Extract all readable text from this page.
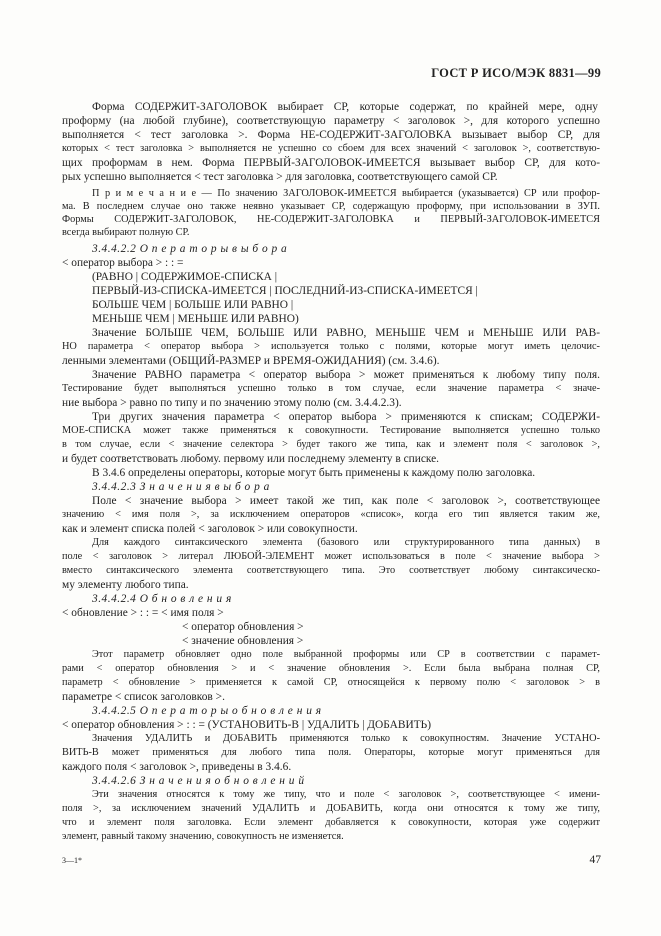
ГОСТ Р ИСО/МЭК 8831—99
Форма СОДЕРЖИТ-ЗАГОЛОВОК выбирает СР, которые содержат, по крайней мере, одну
профоpму (на любой глубине), соответствующую параметру < заголовок >, для которого успешно
выполняется < тест заголовка >. Форма НЕ-СОДЕРЖИТ-ЗАГОЛОВКА вызывает выбор СР, для
которых < тест заголовка > выполняется не успешно со сбоем для всех значений < заголовок >, соответствую-
щих проформам в нем. Форма ПЕРВЫЙ-ЗАГОЛОВОК-ИМЕЕТСЯ вызывает выбор СР, для кото-
рых успешно выполняется < тест заголовка > для заголовка, соответствующего самой СР.
П р и м е ч а н и е — По значению ЗАГОЛОВОК-ИМЕЕТСЯ выбирается (указывается) СР или профор-
ма. В последнем случае оно также неявно указывает СР, содержащую проформу, при использовании в ЗУП.
Формы СОДЕРЖИТ-ЗАГОЛОВОК, НЕ-СОДЕРЖИТ-ЗАГОЛОВКА и ПЕРВЫЙ-ЗАГОЛОВОК-ИМЕЕТСЯ
всегда выбирают полную СР.
3.4.4.2.2 О п е р а т о р ы в ы б о р а
< оператор выбора > : : =
(РАВНО | СОДЕРЖИМОЕ-СПИСКА |
ПЕРВЫЙ-ИЗ-СПИСКА-ИМЕЕТСЯ | ПОСЛЕДНИЙ-ИЗ-СПИСКА-ИМЕЕТСЯ |
БОЛЬШЕ ЧЕМ | БОЛЬШЕ ИЛИ РАВНО |
МЕНЬШЕ ЧЕМ | МЕНЬШЕ ИЛИ РАВНО)
Значение БОЛЬШЕ ЧЕМ, БОЛЬШЕ ИЛИ РАВНО, МЕНЬШЕ ЧЕМ и МЕНЬШЕ ИЛИ РАВ-
НО параметра < оператор выбора > используется только с полями, которые могут иметь целочис-
ленными элементами (ОБЩИЙ-РАЗМЕР и ВРЕМЯ-ОЖИДАНИЯ) (см. 3.4.6).
Значение РАВНО параметра < оператор выбора > может применяться к любому типу поля.
Тестирование будет выполняться успешно только в том случае, если значение параметра < значе-
ние выбора > равно по типу и по значению этому полю (см. 3.4.4.2.3).
Три других значения параметра < оператор выбора > применяются к спискам; СОДЕРЖИ-
МОЕ-СПИСКА может также применяться к совокупности. Тестирование выполняется успешно только
в том случае, если < значение селектора > будет такого же типа, как и элемент поля < заголовок >,
и будет соответствовать любому. первому или последнему элементу в списке.
В 3.4.6 определены операторы, которые могут быть применены к каждому полю заголовка.
3.4.4.2.3 З н а ч е н и я в ы б о р а
Поле < значение выбора > имеет такой же тип, как поле < заголовок >, соответствующее
значению < имя поля >, за исключением операторов «список», когда его тип является таким же,
как и элемент списка полей < заголовок > или совокупности.
Для каждого синтаксического элемента (базового или структурированного типа данных) в
поле < заголовок > литерал ЛЮБОЙ-ЭЛЕМЕНТ может использоваться в поле < значение выбора >
вместо синтаксического элемента соответствующего типа. Это соответствует любому синтаксическо-
му элементу любого типа.
3.4.4.2.4 О б н о в л е н и я
< обновление > : : = < имя поля >
< оператор обновления >
< значение обновления >
Этот параметр обновляет одно поле выбранной проформы или СР в соответствии с парамет-
рами < оператор обновления > и < значение обновления >. Если была выбрана полная СР,
параметр < обновление > применяется к самой СР, относящейся к первому полю < заголовок > в
параметре < список заголовков >.
3.4.4.2.5 О п е р а т о р ы о б н о в л е н и я
< оператор обновления > : : = (УСТАНОВИТЬ-В | УДАЛИТЬ | ДОБАВИТЬ)
Значения УДАЛИТЬ и ДОБАВИТЬ применяются только к совокупностям. Значение УСТАНО-
ВИТЬ-В может применяться для любого типа поля. Операторы, которые могут применяться для
каждого поля < заголовок >, приведены в 3.4.6.
3.4.4.2.6 З н а ч е н и я о б н о в л е н и й
Эти значения относятся к тому же типу, что и поле < заголовок >, соответствующее < имени-
поля >, за исключением значений УДАЛИТЬ и ДОБАВИТЬ, когда они относятся к тому же типу,
что и элемент поля заголовка. Если элемент добавляется к совокупности, которая уже содержит
элемент, равный такому значению, совокупность не изменяется.
3—1*	47
